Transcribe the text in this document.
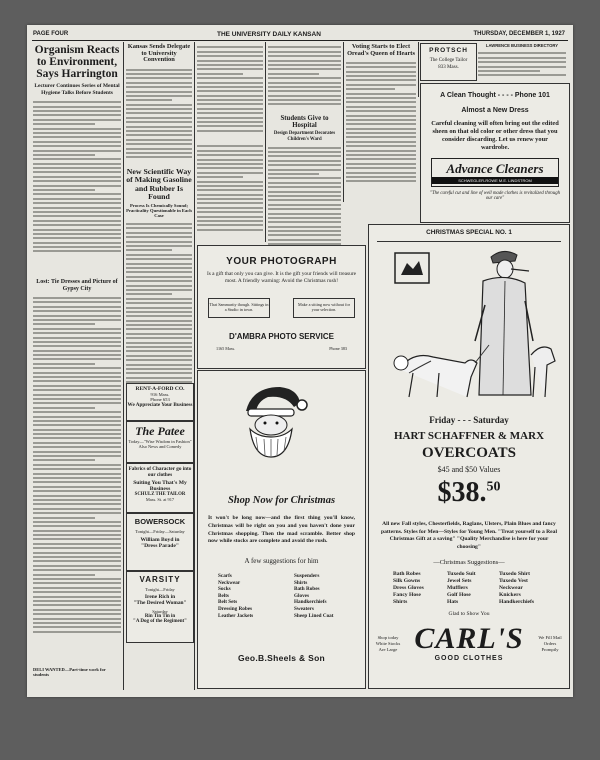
PAGE FOUR	THE UNIVERSITY DAILY KANSAN	THURSDAY, DECEMBER 1, 1927
Organism Reacts to Environment, Says Harrington
Lecturer Continues Series of Mental Hygiene Talks Before Students
Lost: Tie Dresses and Picture of Gypsy City
DELI WANTED—Part-time work for students
Kansas Sends Delegate to University Convention
New Scientific Way of Making Gasoline and Rubber Is Found
Process Is Chemically Sound; Practicality Questionable in Each Case
RENT-A-FORD CO.
916 Mass.
Phone 653
We Appreciate Your Business
The Patee
Today—"Wise Wisdom in Fashion"
Also News and Comedy
Fabrics of Character go into our clothes
Suiting You That's My Business
SCHULZ THE TAILOR
Mass. St. at 917
BOWERSOCK
Tonight—Friday—Saturday
William Boyd in
"Dress Parade"
VARSITY
Tonight—Friday
Irene Rich in
"The Desired Woman"
Saturday
Rin Tin Tin in
"A Dog of the Regiment"
Students Give to Hospital
Design Department Decorates Children's Ward
Voting Starts to Elect Oread's Queen of Hearts	PROTSCH
The College Tailor
833 Mass.
LAWRENCE BUSINESS DIRECTORY
A Clean Thought - - - - Phone 101
Almost a New Dress
Careful cleaning will often bring out the edited sheen on that old color or other dress that you consider discarding. Let us renew your wardrobe.
Advance Cleaners
SCHWEGLER-ROWE M.E. LINDSTROM
"The careful cut and line of well made clothes is revitalized through our care"
YOUR PHOTOGRAPH
Is a gift that only you can give. It is the gift your friends will treasure most. A friendly warning: Avoid the Christmas rush!
That Sammartiy though. Sittings in a Studio in town.
Make a sitting now without for your selection.
D'AMBRA PHOTO SERVICE
1165 Mass.	Phone 383
Shop Now for Christmas
It won't be long now—and the first thing you'll know, Christmas will be right on you and you haven't done your Christmas shopping. Then the mad scramble. Better shop now while stocks are complete and avoid the rush.
A few suggestions for him
Scarfs
Neckwear
Socks
Belts
Belt Sets
Dressing Robes
Leather Jackets
Suspenders
Shirts
Bath Robes
Gloves
Handkerchiefs
Sweaters
Sheep Lined Coat
Geo.B.Sheels & Son
CHRISTMAS SPECIAL NO. 1
Friday - - - Saturday
HART SCHAFFNER & MARX
OVERCOATS
$45 and $50 Values
$38.50
All new Fall styles, Chesterfields, Raglans, Ulsters, Plain Blues and fancy patterns. Styles for Men—Styles for Young Men. "Treat yourself to a Real Christmas Gift at a saving" "Quality Merchandise is here for your choosing"
—Christmas Suggestions—
Bath Robes
Silk Gowns
Dress Gloves
Fancy Hose
Shirts
Tuxedo Suit
Jewel Sets
Mufflers
Golf Hose
Hats
Tuxedo Shirt
Tuxedo Vest
Neckwear
Knickers
Handkerchiefs
Glad to Show You
Shop today White Stocks Are Large CARL'S
GOOD CLOTHES
We Fill Mail Orders Promptly
